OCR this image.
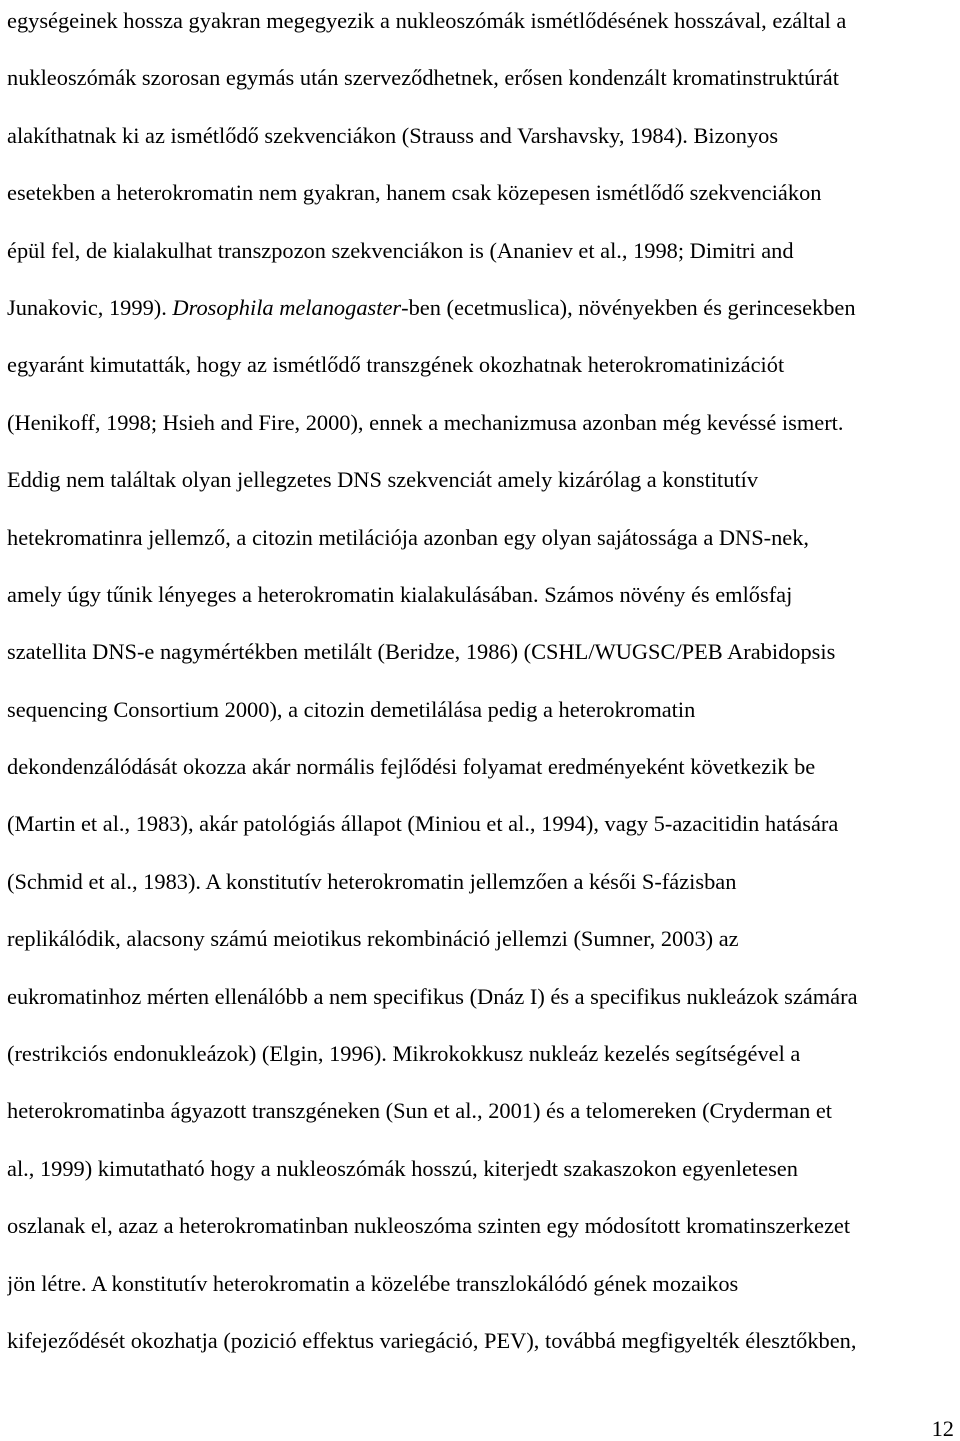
egységeinek hossza gyakran megegyezik a nukleoszómák ismétlődésének hosszával, ezáltal a
nukleoszómák szorosan egymás után szerveződhetnek, erősen kondenzált kromatinstruktúrát
alakíthatnak ki az ismétlődő szekvenciákon (Strauss and Varshavsky, 1984). Bizonyos
esetekben a heterokromatin nem gyakran, hanem csak közepesen ismétlődő szekvenciákon
épül fel, de kialakulhat transzpozon szekvenciákon is (Ananiev et al., 1998; Dimitri and
Junakovic, 1999). Drosophila melanogaster-ben (ecetmuslica), növényekben és gerincesekben
egyaránt kimutatták, hogy az ismétlődő transzgének okozhatnak heterokromatinizációt
(Henikoff, 1998; Hsieh and Fire, 2000), ennek a mechanizmusa azonban még kevéssé ismert.
Eddig nem találtak olyan jellegzetes DNS szekvenciát amely kizárólag a konstitutív
hetekromatinra jellemző, a citozin metilációja azonban egy olyan sajátossága a DNS-nek,
amely úgy tűnik lényeges a heterokromatin kialakulásában. Számos növény és emlősfaj
szatellita DNS-e nagymértékben metilált (Beridze, 1986) (CSHL/WUGSC/PEB Arabidopsis
sequencing Consortium 2000), a citozin demetilálása pedig a heterokromatin
dekondenzálódását okozza akár normális fejlődési folyamat eredményeként következik be
(Martin et al., 1983), akár patológiás állapot (Miniou et al., 1994), vagy 5-azacitidin hatására
(Schmid et al., 1983). A konstitutív heterokromatin jellemzően a késői S-fázisban
replikálódik, alacsony számú meiotikus rekombináció jellemzi (Sumner, 2003) az
eukromatinhoz mérten ellenálóbb a nem specifikus (Dnáz I) és a specifikus nukleázok számára
(restrikciós endonukleázok) (Elgin, 1996). Mikrokokkusz nukleáz kezelés segítségével a
heterokromatinba ágyazott transzgéneken (Sun et al., 2001) és a telomereken (Cryderman et
al., 1999) kimutatható hogy a nukleoszómák hosszú, kiterjedt szakaszokon egyenletesen
oszlanak el, azaz a heterokromatinban nukleoszóma szinten egy módosított kromatinszerkezet
jön létre. A konstitutív heterokromatin a közelébe transzlokálódó gének mozaikos
kifejeződését okozhatja (pozició effektus variegáció, PEV), továbbá megfigyelték élesztőkben,
12
